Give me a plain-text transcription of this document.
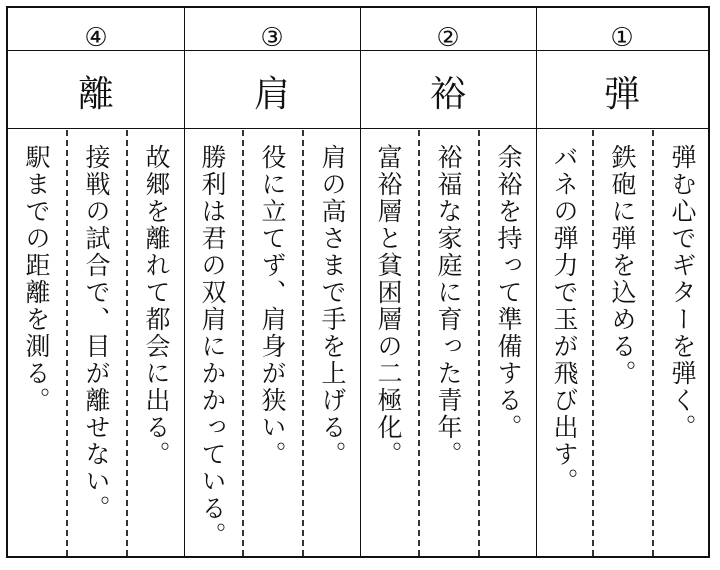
④
離
故郷を離れて都会に出る。
接戦の試合で、目が離せない。
駅までの距離を測る。
③
肩
肩の高さまで手を上げる。
役に立てず、肩身が狭い。
勝利は君の双肩にかかっている。
②
裕
余裕を持って準備する。
裕福な家庭に育った青年。
富裕層と貧困層の二極化。
①
弾
弾む心でギターを弾く。
鉄砲に弾を込める。
バネの弾力で玉が飛び出す。
